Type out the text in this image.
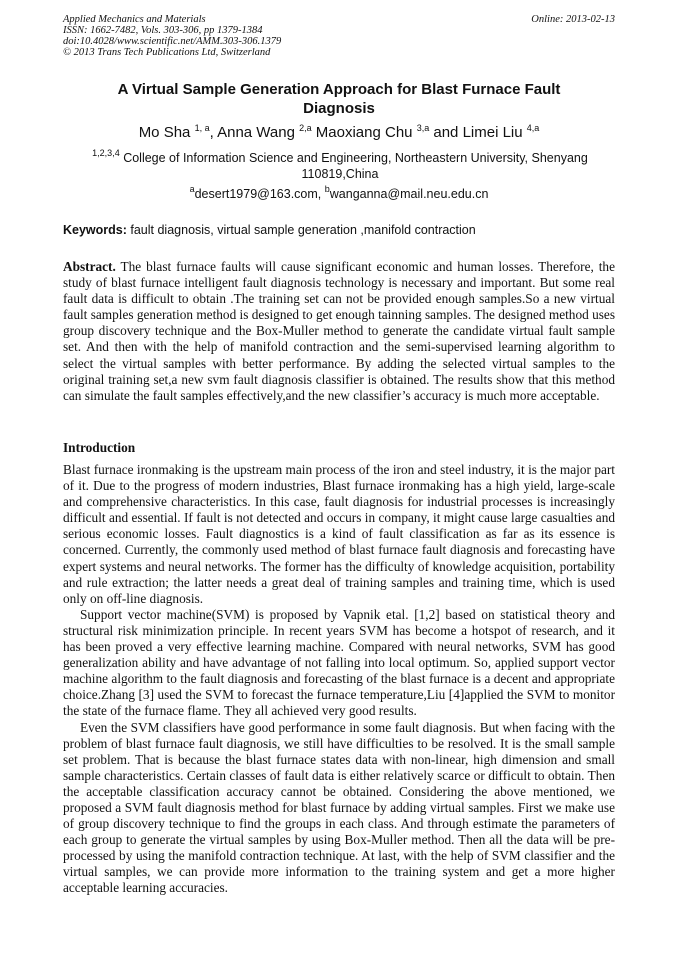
Applied Mechanics and Materials
ISSN: 1662-7482, Vols. 303-306, pp 1379-1384
doi:10.4028/www.scientific.net/AMM.303-306.1379
© 2013 Trans Tech Publications Ltd, Switzerland
Online: 2013-02-13
A Virtual Sample Generation Approach for Blast Furnace Fault Diagnosis
Mo Sha $^{1, a}$, Anna Wang $^{2,a}$ Maoxiang Chu $^{3,a}$ and Limei Liu $^{4,a}$
$^{1,2,3,4}$ College of Information Science and Engineering, Northeastern University, Shenyang 110819,China
$^a$desert1979@163.com, $^b$wanganna@mail.neu.edu.cn
Keywords: fault diagnosis, virtual sample generation ,manifold contraction
Abstract. The blast furnace faults will cause significant economic and human losses. Therefore, the study of blast furnace intelligent fault diagnosis technology is necessary and important. But some real fault data is difficult to obtain .The training set can not be provided enough samples.So a new virtual fault samples generation method is designed to get enough tainning samples. The designed method uses group discovery technique and the Box-Muller method to generate the candidate virtual fault sample set. And then with the help of manifold contraction and the semi-supervised learning algorithm to select the virtual samples with better performance. By adding the selected virtual samples to the original training set,a new svm fault diagnosis classifier is obtained. The results show that this method can simulate the fault samples effectively,and the new classifier’s accuracy is much more acceptable.
Introduction

Blast furnace ironmaking is the upstream main process of the iron and steel industry, it is the major part of it. Due to the progress of modern industries, Blast furnace ironmaking has a high yield, large-scale and comprehensive characteristics. In this case, fault diagnosis for industrial processes is increasingly difficult and essential. If fault is not detected and occurs in company, it might cause large casualties and serious economic losses. Fault diagnostics is a kind of fault classification as far as its essence is concerned. Currently, the commonly used method of blast furnace fault diagnosis and forecasting have expert systems and neural networks. The former has the difficulty of knowledge acquisition, portability and rule extraction; the latter needs a great deal of training samples and training time, which is used only on off-line diagnosis.

Support vector machine(SVM) is proposed by Vapnik etal. [1,2] based on statistical theory and structural risk minimization principle. In recent years SVM has become a hotspot of research, and it has been proved a very effective learning machine. Compared with neural networks, SVM has good generalization ability and have advantage of not falling into local optimum. So, applied support vector machine algorithm to the fault diagnosis and forecasting of the blast furnace is a decent and appropriate choice.Zhang [3] used the SVM to forecast the furnace temperature,Liu [4]applied the SVM to monitor the state of the furnace flame. They all achieved very good results.

Even the SVM classifiers have good performance in some fault diagnosis. But when facing with the problem of blast furnace fault diagnosis, we still have difficulties to be resolved. It is the small sample set problem. That is because the blast furnace states data with non-linear, high dimension and small sample characteristics. Certain classes of fault data is either relatively scarce or difficult to obtain. Then the acceptable classification accuracy cannot be obtained. Considering the above mentioned, we proposed a SVM fault diagnosis method for blast furnace by adding virtual samples. First we make use of group discovery technique to find the groups in each class. And through estimate the parameters of each group to generate the virtual samples by using Box-Muller method. Then all the data will be pre-processed by using the manifold contraction technique. At last, with the help of SVM classifier and the virtual samples, we can provide more information to the training system and get a more higher acceptable learning accuracies.
